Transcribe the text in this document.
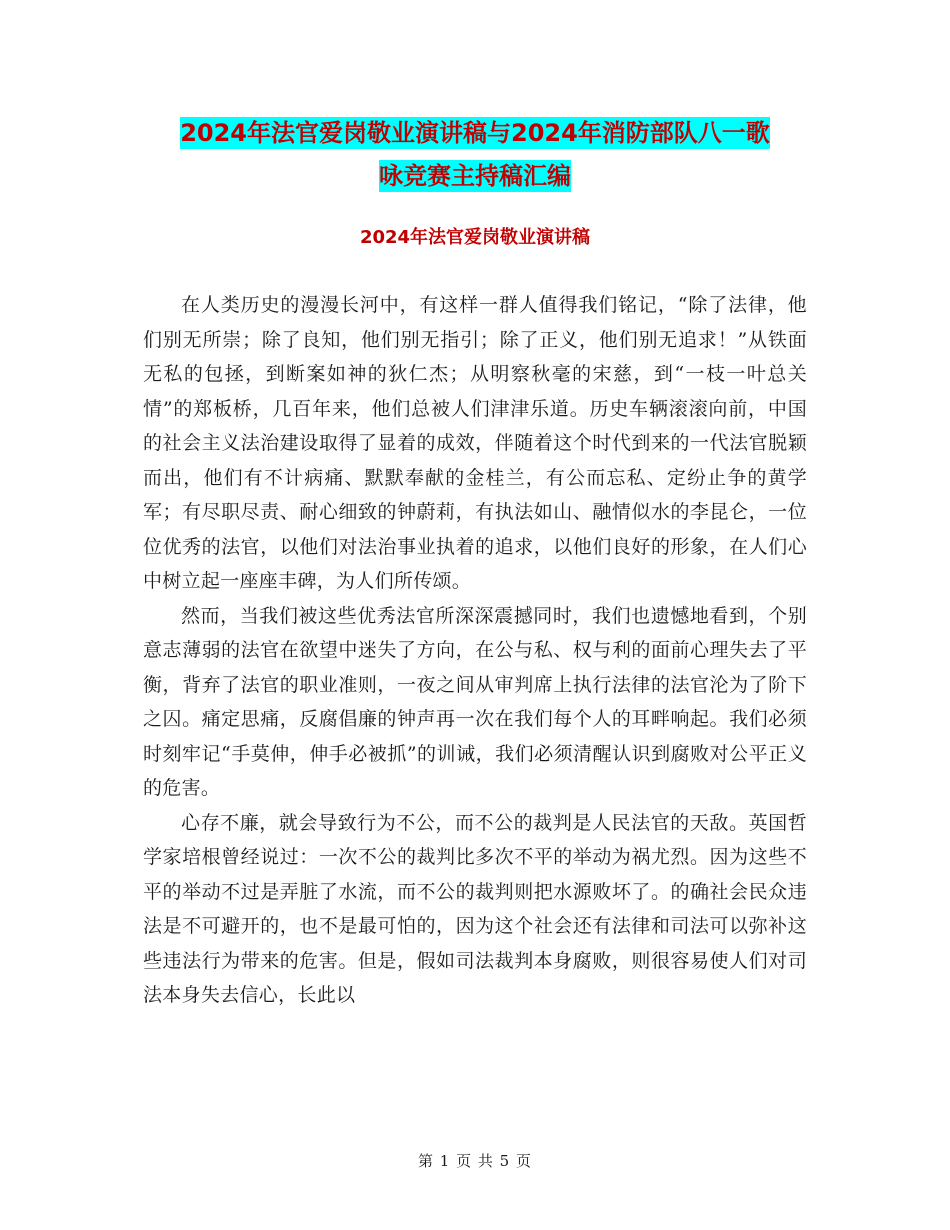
2024年法官爱岗敬业演讲稿与2024年消防部队八一歌
咏竞赛主持稿汇编
2024年法官爱岗敬业演讲稿

在人类历史的漫漫长河中，有这样一群人值得我们铭记，“除了法律，他们别无所崇；除了良知，他们别无指引；除了正义，他们别无追求！”从铁面无私的包拯，到断案如神的狄仁杰；从明察秋毫的宋慈，到“一枝一叶总关情”的郑板桥，几百年来，他们总被人们津津乐道。历史车辆滚滚向前，中国的社会主义法治建设取得了显着的成效，伴随着这个时代到来的一代法官脱颖而出，他们有不计病痛、默默奉献的金桂兰，有公而忘私、定纷止争的黄学军；有尽职尽责、耐心细致的钟蔚莉，有执法如山、融情似水的李昆仑，一位位优秀的法官，以他们对法治事业执着的追求，以他们良好的形象，在人们心中树立起一座座丰碑，为人们所传颂。

然而，当我们被这些优秀法官所深深震撼同时，我们也遗憾地看到，个别意志薄弱的法官在欲望中迷失了方向，在公与私、权与利的面前心理失去了平衡，背弃了法官的职业准则，一夜之间从审判席上执行法律的法官沦为了阶下之囚。痛定思痛，反腐倡廉的钟声再一次在我们每个人的耳畔响起。我们必须时刻牢记“手莫伸，伸手必被抓”的训诫，我们必须清醒认识到腐败对公平正义的危害。

心存不廉，就会导致行为不公，而不公的裁判是人民法官的天敌。英国哲学家培根曾经说过：一次不公的裁判比多次不平的举动为祸尤烈。因为这些不平的举动不过是弄脏了水流，而不公的裁判则把水源败坏了。的确社会民众违法是不可避开的，也不是最可怕的，因为这个社会还有法律和司法可以弥补这些违法行为带来的危害。但是，假如司法裁判本身腐败，则很容易使人们对司法本身失去信心，长此以

第 1 页 共 5 页
